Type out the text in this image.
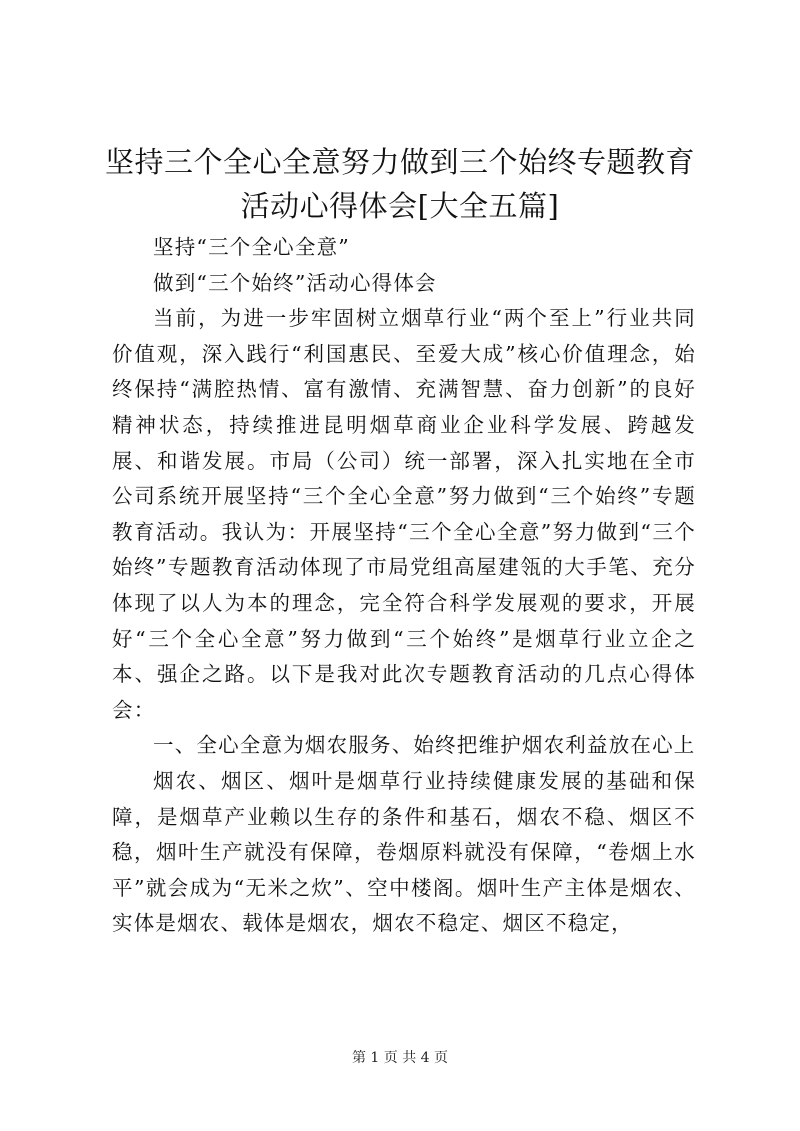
坚持三个全心全意努力做到三个始终专题教育
活动心得体会[大全五篇]

坚持“三个全心全意”

做到“三个始终”活动心得体会

当前，为进一步牢固树立烟草行业“两个至上”行业共同价值观，深入践行“利国惠民、至爱大成”核心价值理念，始终保持“满腔热情、富有激情、充满智慧、奋力创新”的良好精神状态，持续推进昆明烟草商业企业科学发展、跨越发展、和谐发展。市局（公司）统一部署，深入扎实地在全市公司系统开展坚持“三个全心全意”努力做到“三个始终”专题教育活动。我认为：开展坚持“三个全心全意”努力做到“三个始终”专题教育活动体现了市局党组高屋建瓴的大手笔、充分体现了以人为本的理念，完全符合科学发展观的要求，开展好“三个全心全意”努力做到“三个始终”是烟草行业立企之本、强企之路。以下是我对此次专题教育活动的几点心得体会：

一、全心全意为烟农服务、始终把维护烟农利益放在心上

烟农、烟区、烟叶是烟草行业持续健康发展的基础和保障，是烟草产业赖以生存的条件和基石，烟农不稳、烟区不稳，烟叶生产就没有保障，卷烟原料就没有保障，“卷烟上水平”就会成为“无米之炊”、空中楼阁。烟叶生产主体是烟农、实体是烟农、载体是烟农，烟农不稳定、烟区不稳定，

第 1 页 共 4 页
